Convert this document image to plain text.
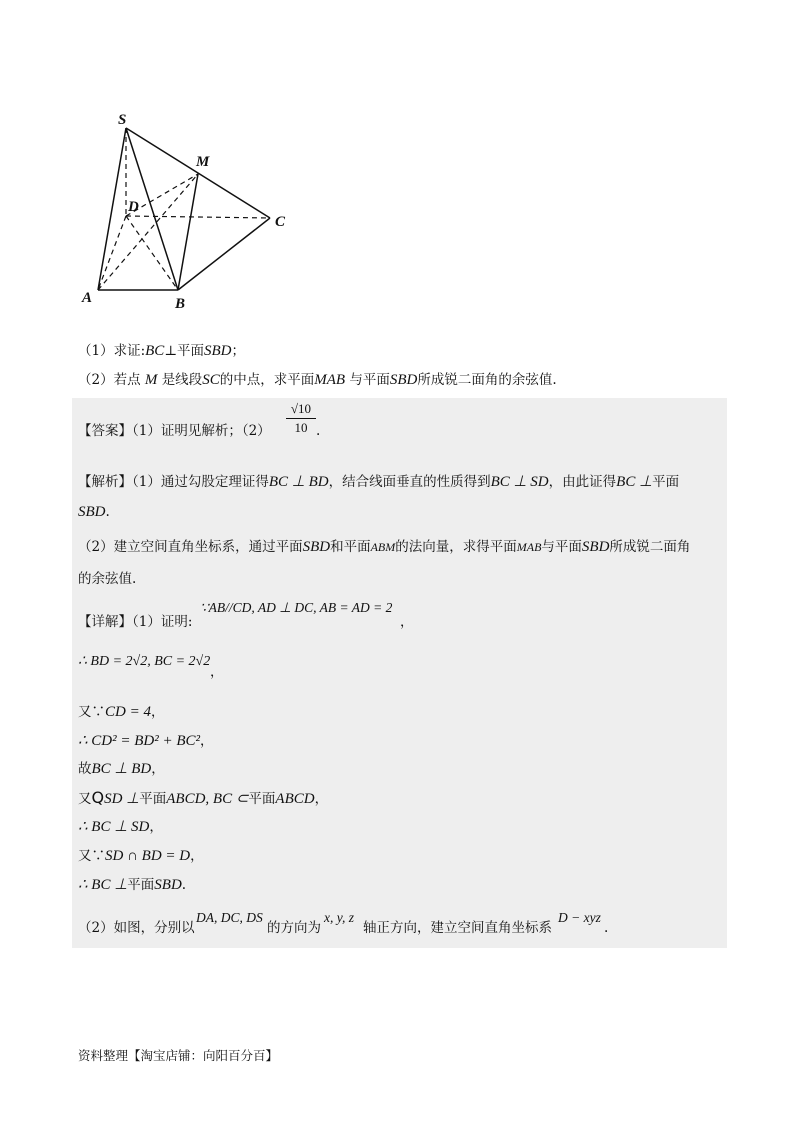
S
M
D
C
A	B
（1）求证:BC⊥平面SBD；
（2）若点 M 是线段SC的中点，求平面MAB 与平面SBD所成锐二面角的余弦值.
【答案】（1）证明见解析；（2）
√10
10 .
【解析】（1）通过勾股定理证得BC ⊥ BD，结合线面垂直的性质得到BC ⊥ SD，由此证得BC ⊥平面
SBD.
（2）建立空间直角坐标系，通过平面SBD和平面ABM的法向量，求得平面MAB与平面SBD所成锐二面角
的余弦值.
【详解】（1）证明:
∵AB//CD, AD ⊥ DC, AB = AD = 2
，
∴ BD = 2√2, BC = 2√2
，
又∵CD = 4，
∴ CD² = BD² + BC²，
故BC ⊥ BD，
又QSD ⊥平面ABCD, BC ⊂平面ABCD，
∴ BC ⊥ SD，
又∵SD ∩ BD = D，
∴ BC ⊥平面SBD.
（2）如图，分别以
DA, DC, DS
的方向为
x, y, z
轴正方向，建立空间直角坐标系
D − xyz
.
资料整理【淘宝店铺：向阳百分百】
